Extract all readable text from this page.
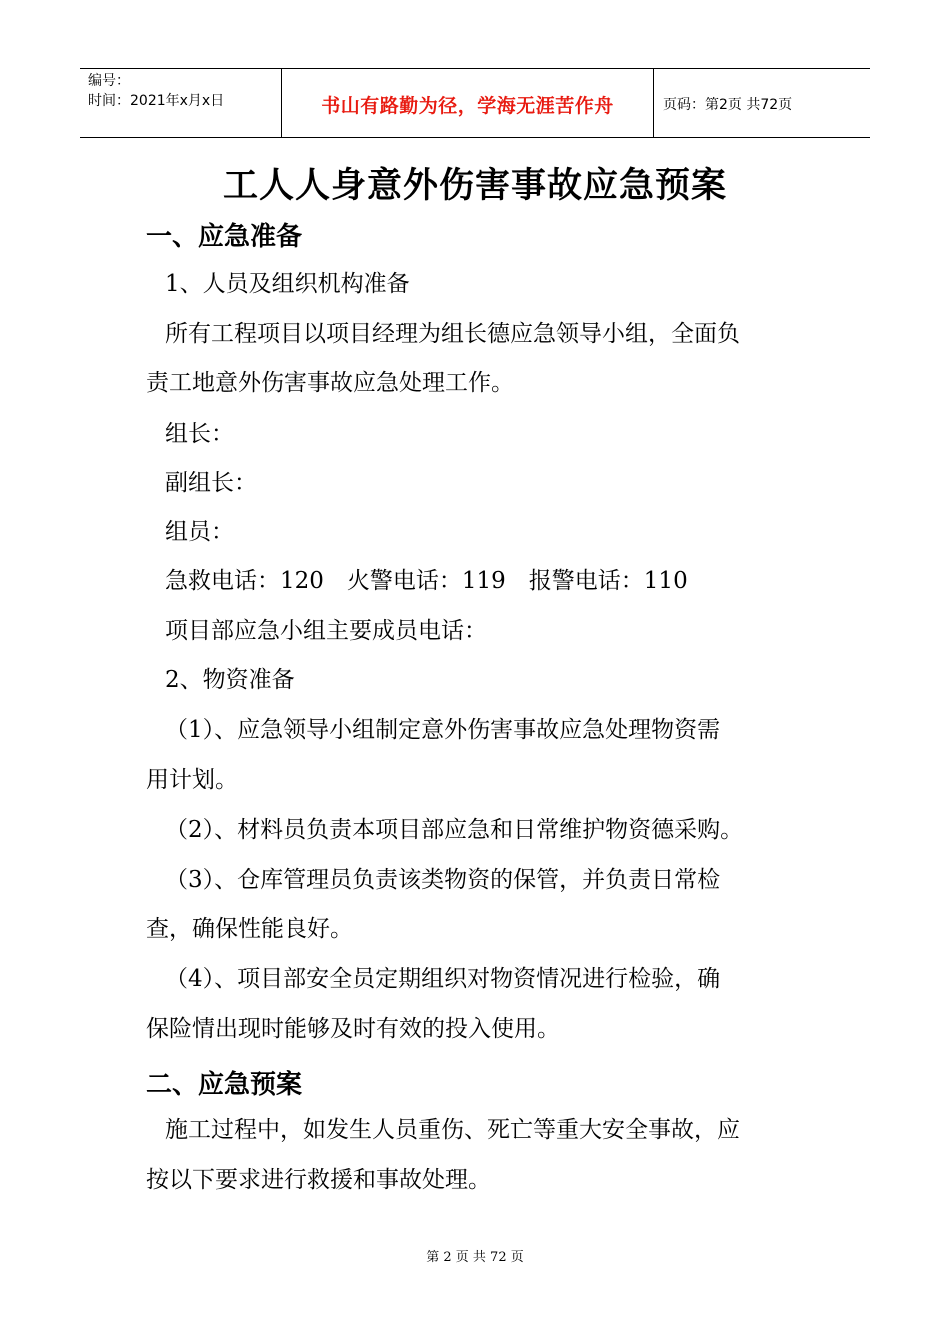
编号：
时间：2021年x月x日	书山有路勤为径，学海无涯苦作舟	页码：第2页 共72页
工人人身意外伤害事故应急预案
一、应急准备
1、人员及组织机构准备
所有工程项目以项目经理为组长德应急领导小组，全面负
责工地意外伤害事故应急处理工作。
组长：
副组长：
组员：
急救电话：120　火警电话：119　报警电话：110
项目部应急小组主要成员电话：
2、物资准备
（1）、应急领导小组制定意外伤害事故应急处理物资需
用计划。
（2）、材料员负责本项目部应急和日常维护物资德采购。
（3）、仓库管理员负责该类物资的保管，并负责日常检
查，确保性能良好。
（4）、项目部安全员定期组织对物资情况进行检验，确
保险情出现时能够及时有效的投入使用。
二、应急预案
施工过程中，如发生人员重伤、死亡等重大安全事故，应
按以下要求进行救援和事故处理。
第 2 页 共 72 页
